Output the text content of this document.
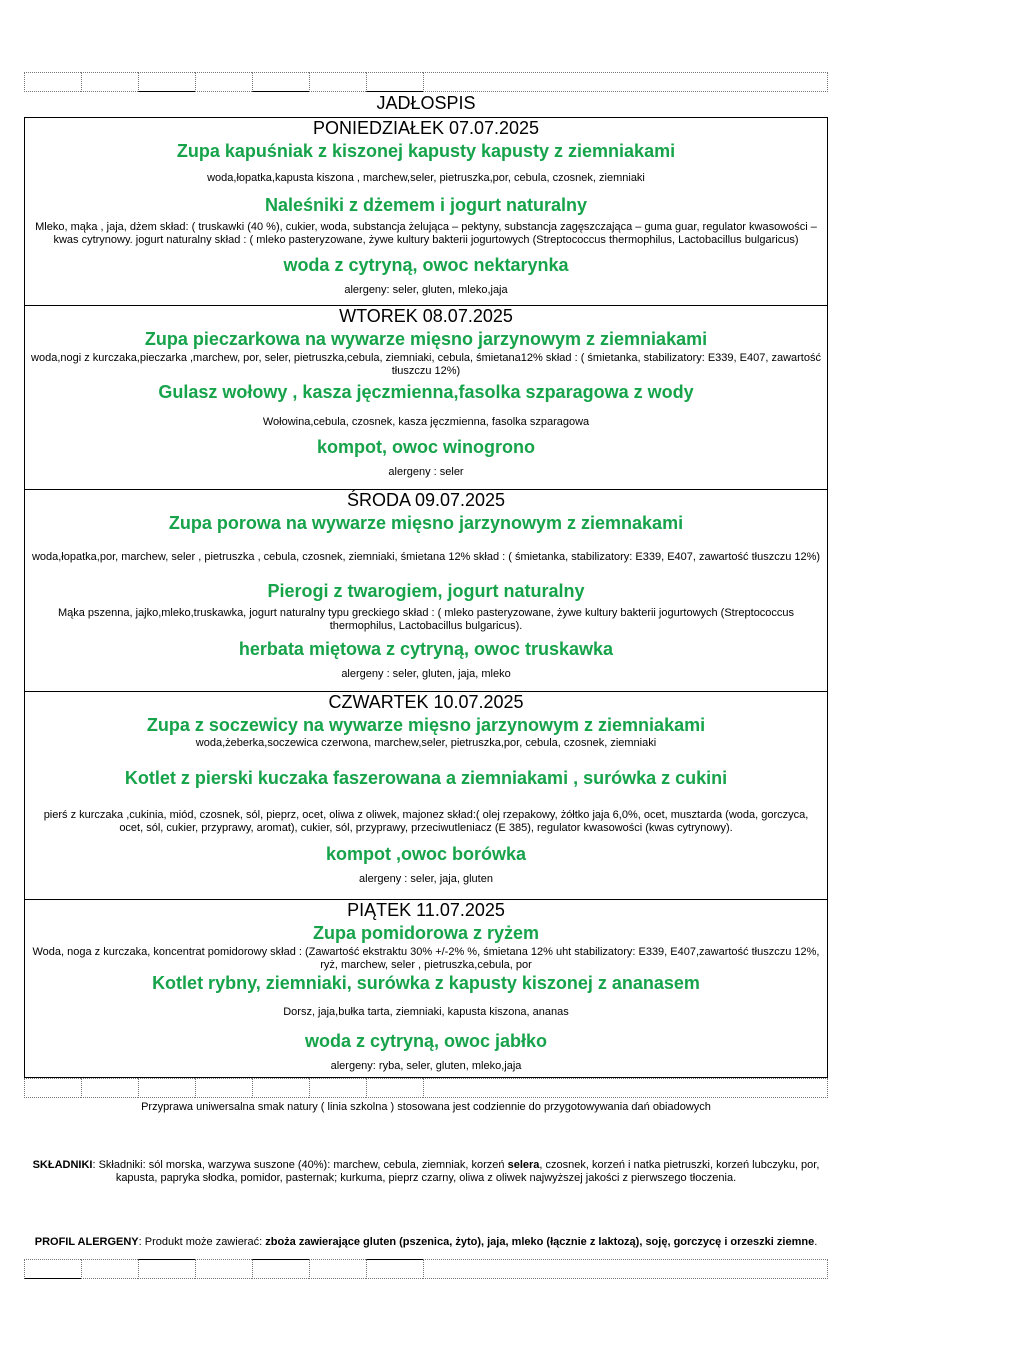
JADŁOSPIS
PONIEDZIAŁEK 07.07.2025
Zupa kapuśniak z kiszonej kapusty kapusty z ziemniakami
woda,łopatka,kapusta kiszona , marchew,seler, pietruszka,por, cebula, czosnek, ziemniaki
Naleśniki z dżemem i jogurt naturalny
Mleko, mąka , jaja, dżem skład: ( truskawki (40 %), cukier, woda, substancja żelująca – pektyny, substancja zagęszczająca – guma guar, regulator kwasowości – kwas cytrynowy. jogurt naturalny skład : ( mleko pasteryzowane, żywe kultury bakterii jogurtowych (Streptococcus thermophilus, Lactobacillus bulgaricus)
woda z cytryną, owoc nektarynka
alergeny: seler, gluten, mleko,jaja
WTOREK 08.07.2025
Zupa pieczarkowa na wywarze mięsno jarzynowym z ziemniakami
woda,nogi z kurczaka,pieczarka ,marchew, por, seler, pietruszka,cebula, ziemniaki, cebula, śmietana12% skład : ( śmietanka, stabilizatory: E339, E407, zawartość tłuszczu 12%)
Gulasz wołowy , kasza jęczmienna,fasolka szparagowa z wody
Wołowina,cebula, czosnek, kasza jęczmienna, fasolka szparagowa
kompot, owoc winogrono
alergeny : seler
ŚRODA 09.07.2025
Zupa porowa na wywarze mięsno jarzynowym z ziemnakami
woda,łopatka,por, marchew, seler , pietruszka , cebula, czosnek, ziemniaki, śmietana 12% skład : ( śmietanka, stabilizatory: E339, E407, zawartość tłuszczu 12%)
Pierogi z twarogiem, jogurt naturalny
Mąka pszenna, jajko,mleko,truskawka, jogurt naturalny typu greckiego skład : ( mleko pasteryzowane, żywe kultury bakterii jogurtowych (Streptococcus thermophilus, Lactobacillus bulgaricus).
herbata miętowa z cytryną, owoc truskawka
alergeny : seler, gluten, jaja, mleko
CZWARTEK 10.07.2025
Zupa z soczewicy na wywarze mięsno jarzynowym z ziemniakami
woda,żeberka,soczewica czerwona, marchew,seler, pietruszka,por, cebula, czosnek, ziemniaki
Kotlet z pierski kuczaka faszerowana a ziemniakami , surówka z cukini
pierś z kurczaka ,cukinia, miód, czosnek, sól, pieprz, ocet, oliwa z oliwek, majonez skład:( olej rzepakowy, żółtko jaja 6,0%, ocet, musztarda (woda, gorczyca, ocet, sól, cukier, przyprawy, aromat), cukier, sól, przyprawy, przeciwutleniacz (E 385), regulator kwasowości (kwas cytrynowy).
kompot ,owoc borówka
alergeny : seler, jaja, gluten
PIĄTEK 11.07.2025
Zupa pomidorowa z ryżem
Woda, noga z kurczaka, koncentrat pomidorowy skład : (Zawartość ekstraktu 30% +/-2% %, śmietana 12% uht stabilizatory: E339, E407,zawartość tłuszczu 12%, ryż, marchew, seler , pietruszka,cebula, por
Kotlet rybny, ziemniaki, surówka z kapusty kiszonej z ananasem
Dorsz, jaja,bułka tarta, ziemniaki, kapusta kiszona, ananas
woda z cytryną, owoc jabłko
alergeny: ryba, seler, gluten, mleko,jaja
Przyprawa uniwersalna smak natury ( linia szkolna ) stosowana jest codziennie do przygotowywania dań obiadowych
SKŁADNIKI: Składniki: sól morska, warzywa suszone (40%): marchew, cebula, ziemniak, korzeń selera, czosnek, korzeń i natka pietruszki, korzeń lubczyku, por, kapusta, papryka słodka, pomidor, pasternak; kurkuma, pieprz czarny, oliwa z oliwek najwyższej jakości z pierwszego tłoczenia.
PROFIL ALERGENY: Produkt może zawierać: zboża zawierające gluten (pszenica, żyto), jaja, mleko (łącznie z laktozą), soję, gorczycę i orzeszki ziemne.
